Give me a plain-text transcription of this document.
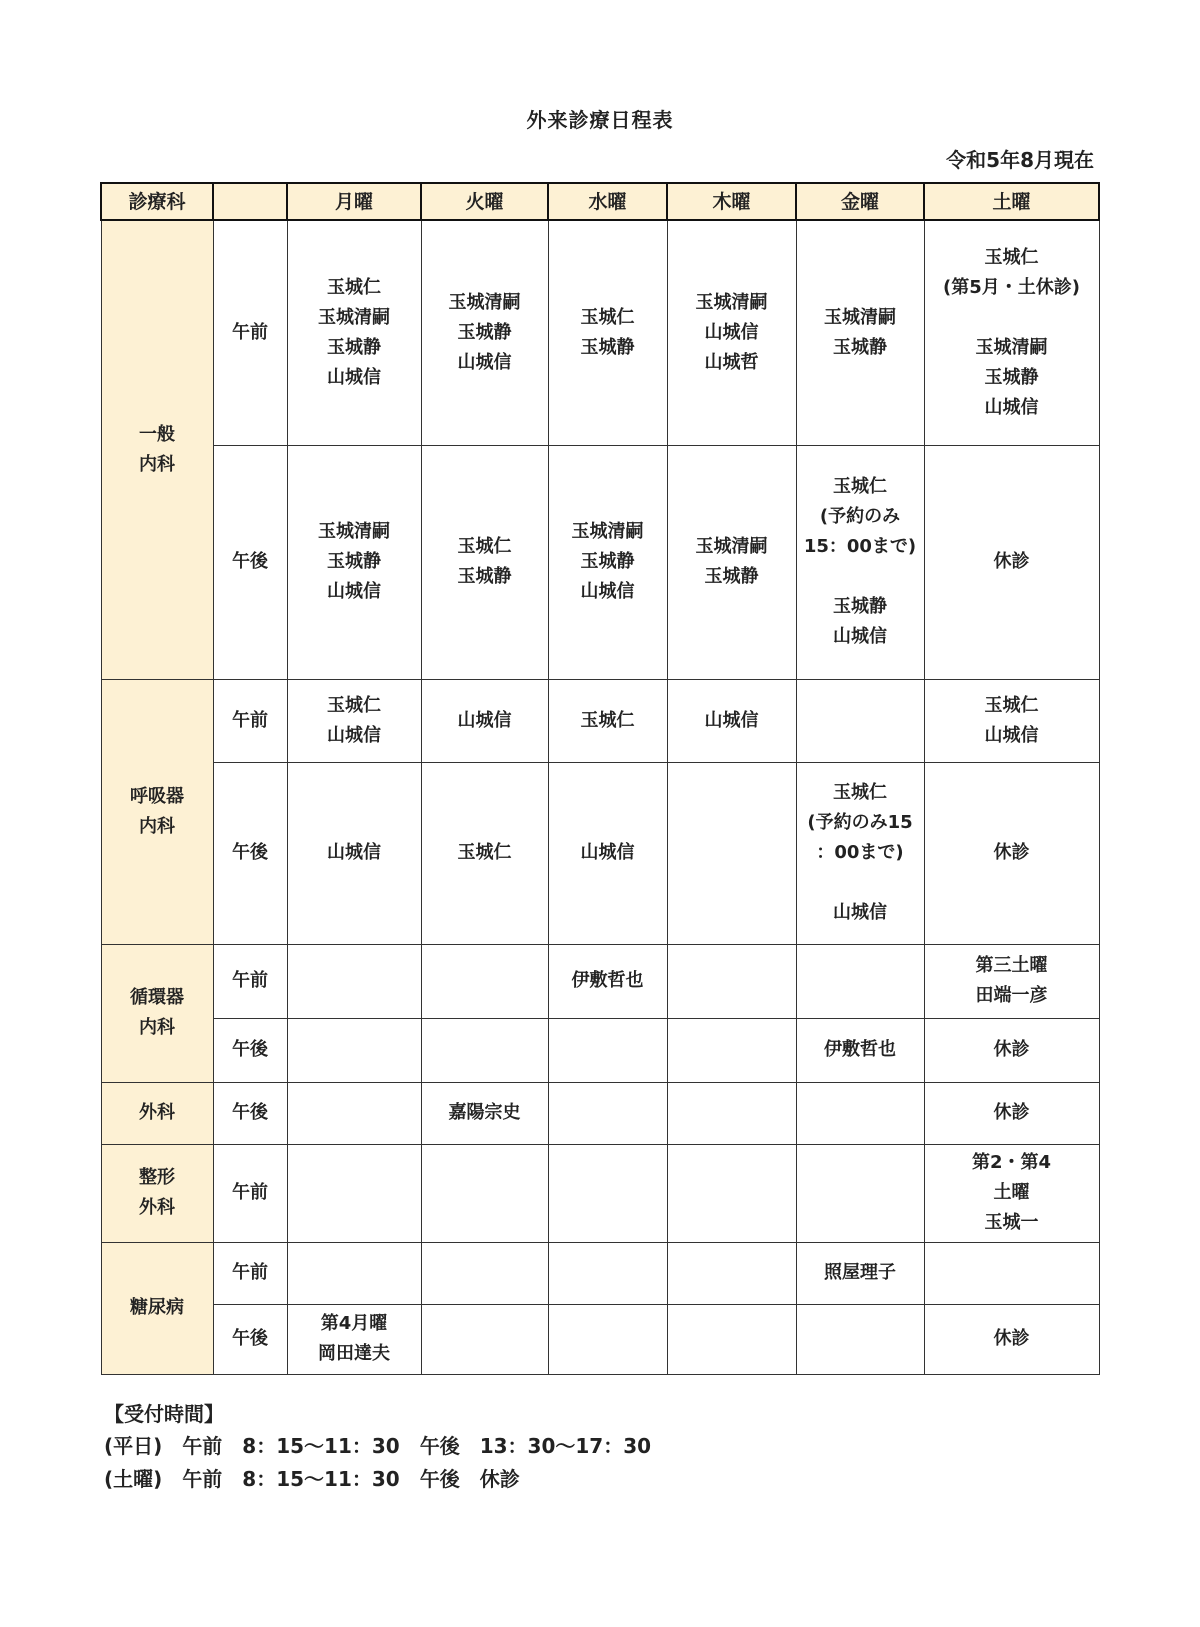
外来診療日程表
令和5年8月現在
診療科		月曜	火曜	水曜	木曜	金曜	土曜
一般
内科	午前	玉城仁
玉城清嗣
玉城静
山城信	玉城清嗣
玉城静
山城信	玉城仁
玉城静	玉城清嗣
山城信
山城哲	玉城清嗣
玉城静	玉城仁
(第5月・土休診)

玉城清嗣
玉城静
山城信
	午後	玉城清嗣
玉城静
山城信	玉城仁
玉城静	玉城清嗣
玉城静
山城信	玉城清嗣
玉城静	玉城仁
(予約のみ
15：00まで)

玉城静
山城信	休診
呼吸器
内科	午前	玉城仁
山城信	山城信	玉城仁	山城信		玉城仁
山城信
	午後	山城信	玉城仁	山城信		玉城仁
(予約のみ15
：00まで)

山城信	休診
循環器
内科	午前			伊敷哲也			第三土曜
田端一彦
	午後					伊敷哲也	休診
外科	午後		嘉陽宗史				休診
整形
外科	午前						第2・第4
土曜
玉城一
糖尿病	午前					照屋理子	
	午後	第4月曜
岡田達夫					休診
【受付時間】
(平日)　午前　8：15～11：30　午後　13：30～17：30
(土曜)　午前　8：15～11：30　午後　休診
